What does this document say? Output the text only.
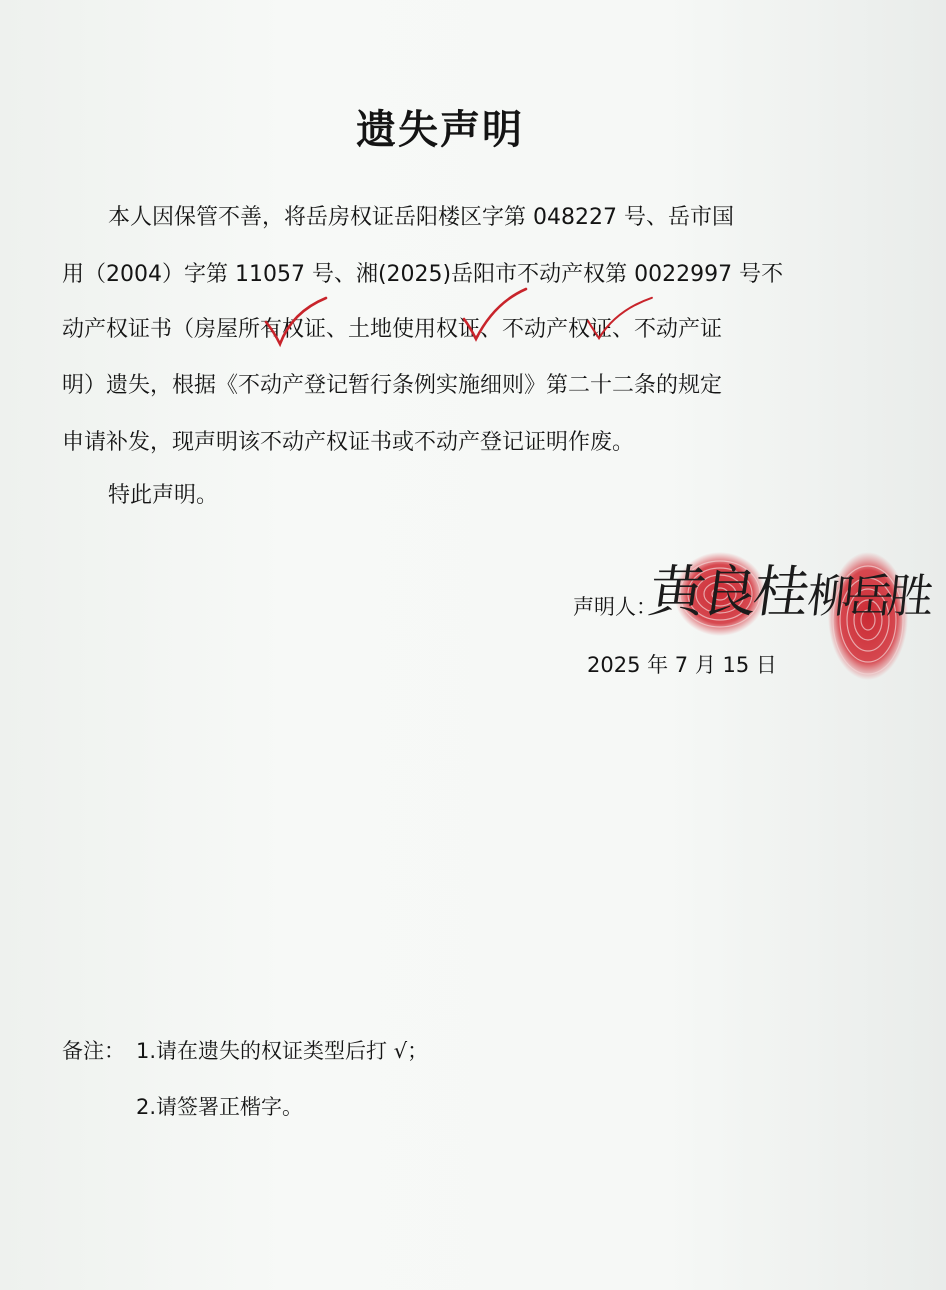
遗失声明
本人因保管不善，将岳房权证岳阳楼区字第 048227 号、岳市国
用（2004）字第 11057 号、湘(2025)岳阳市不动产权第 0022997 号不
动产权证书（房屋所有权证、土地使用权证、不动产权证、不动产证
明）遗失，根据《不动产登记暂行条例实施细则》第二十二条的规定
申请补发，现声明该不动产权证书或不动产登记证明作废。
特此声明。
声明人：
黄良桂
柳岳胜
2025 年 7 月 15 日
备注： 1.请在遗失的权证类型后打 √；
2.请签署正楷字。
